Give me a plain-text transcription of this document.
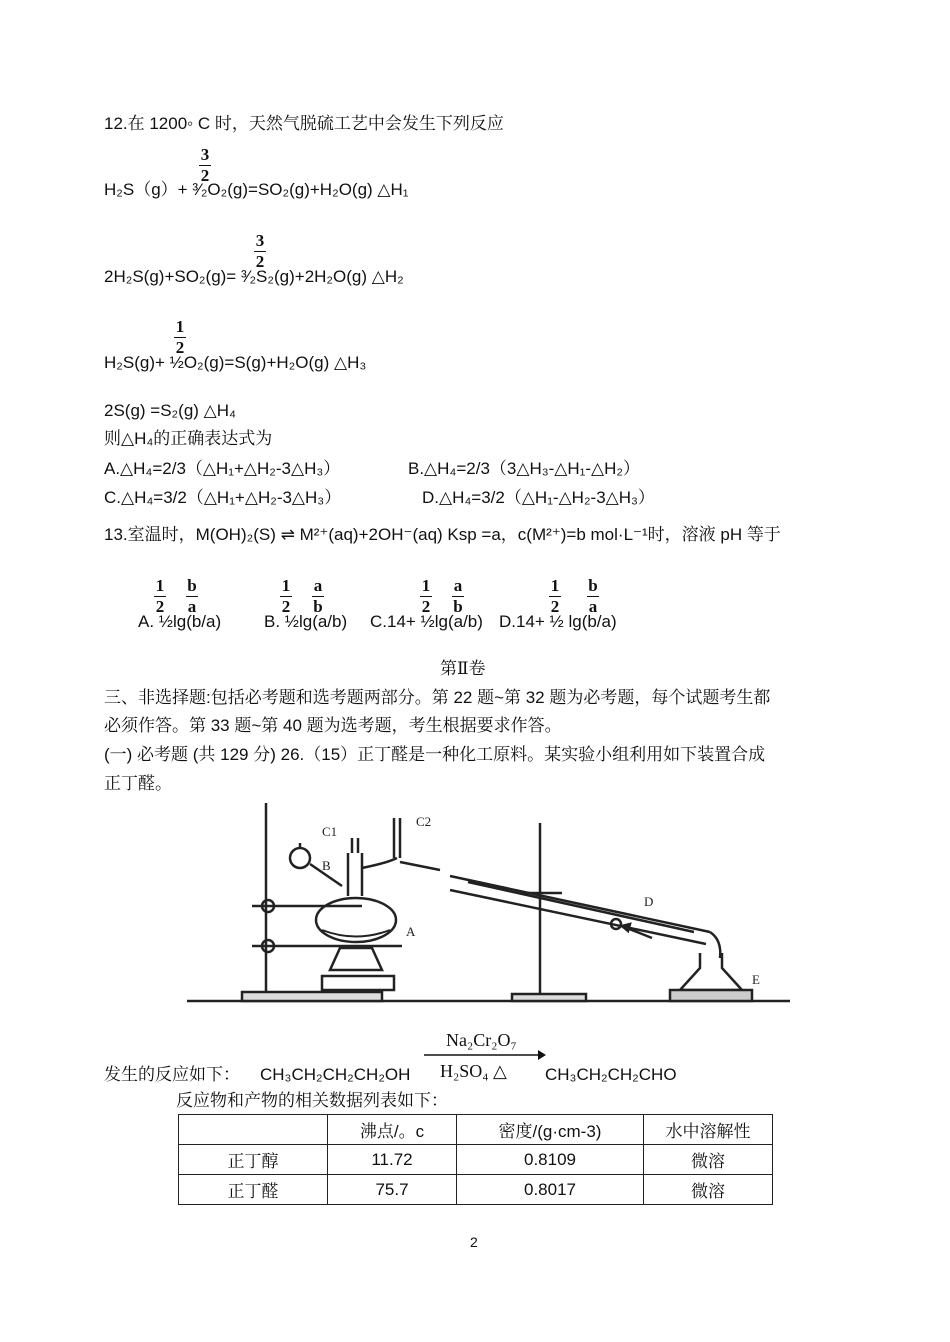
12.在 1200◦ C 时，天然气脱硫工艺中会发生下列反应
3
2
H₂S（g）+ ³⁄₂O₂(g)=SO₂(g)+H₂O(g) △H₁
3
2
2H₂S(g)+SO₂(g)= ³⁄₂S₂(g)+2H₂O(g) △H₂
1
2
H₂S(g)+ ½O₂(g)=S(g)+H₂O(g) △H₃
2S(g) =S₂(g) △H₄
则△H₄的正确表达式为
A.△H₄=2/3（△H₁+△H₂-3△H₃）	B.△H₄=2/3（3△H₃-△H₁-△H₂）
C.△H₄=3/2（△H₁+△H₂-3△H₃）	D.△H₄=3/2（△H₁-△H₂-3△H₃）
13.室温时，M(OH)₂(S) ⇌ M²⁺(aq)+2OH⁻(aq) Ksp =a，c(M²⁺)=b mol·L⁻¹时，溶液 pH 等于
1
2
b
a
1
2
a
b
1
2
a
b
1
2
b
a
A. ½lg(b/a)	B. ½lg(a/b) C.14+ ½lg(a/b) D.14+ ½ lg(b/a)
第Ⅱ卷
三、非选择题:包括必考题和选考题两部分。第 22 题~第 32 题为必考题，每个试题考生都
必须作答。第 33 题~第 40 题为选考题，考生根据要求作答。
(一) 必考题 (共 129 分) 26.（15）正丁醛是一种化工原料。某实验小组利用如下装置合成
正丁醛。
C1
C2
B
A
D
E
Na₂Cr₂O₇
H₂SO₄ △
发生的反应如下： CH₃CH₂CH₂CH₂OH	CH₃CH₂CH₂CHO
反应物和产物的相关数据列表如下：
	沸点/。c	密度/(g·cm-3)	水中溶解性
正丁醇	11.72	0.8109	微溶
正丁醛	75.7	0.8017	微溶
2
